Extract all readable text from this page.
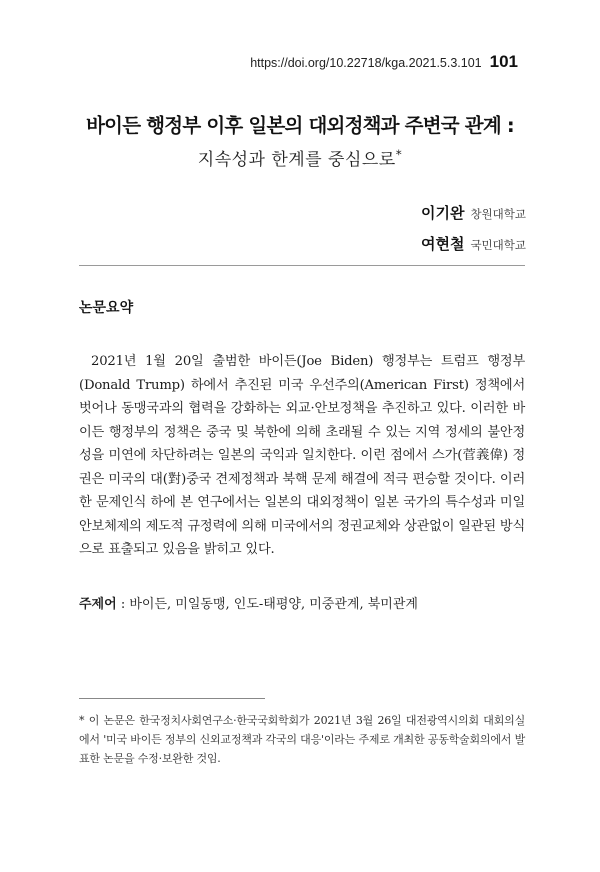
https://doi.org/10.22718/kga.2021.5.3.101 101
바이든 행정부 이후 일본의 대외정책과 주변국 관계 :
지속성과 한계를 중심으로*
이기완 창원대학교
여현철 국민대학교
논문요약
2021년 1월 20일 출범한 바이든(Joe Biden) 행정부는 트럼프 행정부(Donald Trump) 하에서 추진된 미국 우선주의(American First) 정책에서 벗어나 동맹국과의 협력을 강화하는 외교·안보정책을 추진하고 있다. 이러한 바이든 행정부의 정책은 중국 및 북한에 의해 초래될 수 있는 지역 정세의 불안정성을 미연에 차단하려는 일본의 국익과 일치한다. 이런 점에서 스가(菅義偉) 정권은 미국의 대(對)중국 견제정책과 북핵 문제 해결에 적극 편승할 것이다. 이러한 문제인식 하에 본 연구에서는 일본의 대외정책이 일본 국가의 특수성과 미일안보체제의 제도적 규정력에 의해 미국에서의 정권교체와 상관없이 일관된 방식으로 표출되고 있음을 밝히고 있다.
주제어 : 바이든, 미일동맹, 인도-태평양, 미중관계, 북미관계
* 이 논문은 한국정치사회연구소·한국국회학회가 2021년 3월 26일 대전광역시의회 대회의실에서 '미국 바이든 정부의 신외교정책과 각국의 대응'이라는 주제로 개최한 공동학술회의에서 발표한 논문을 수정·보완한 것임.
